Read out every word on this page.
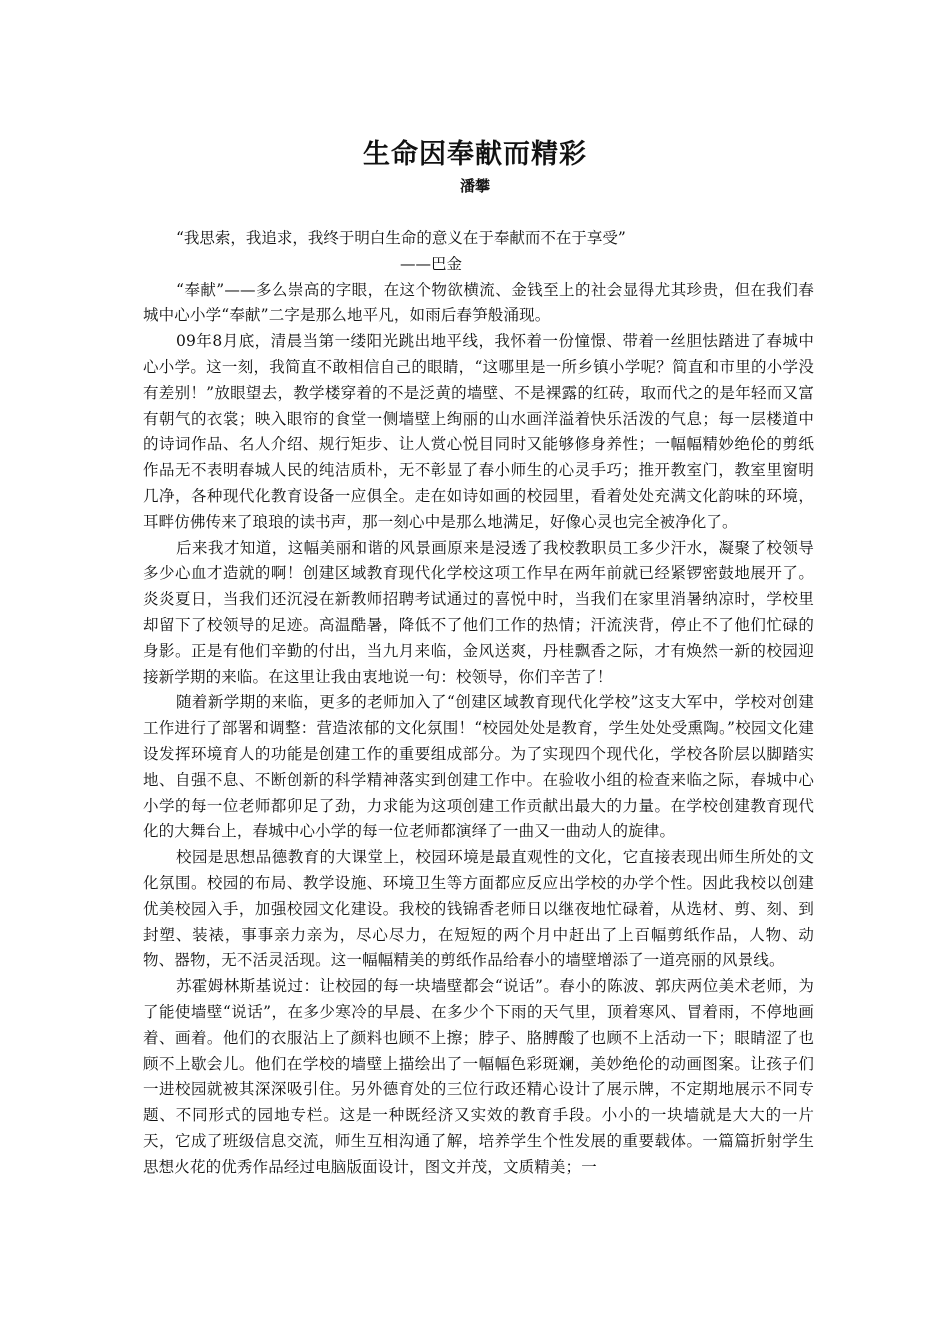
生命因奉献而精彩
潘攀
“我思索，我追求，我终于明白生命的意义在于奉献而不在于享受”
——巴金

“奉献”——多么崇高的字眼，在这个物欲横流、金钱至上的社会显得尤其珍贵，但在我们春城中心小学“奉献”二字是那么地平凡，如雨后春笋般涌现。

09年8月底，清晨当第一缕阳光跳出地平线，我怀着一份憧憬、带着一丝胆怯踏进了春城中心小学。这一刻，我简直不敢相信自己的眼睛，“这哪里是一所乡镇小学呢？简直和市里的小学没有差别！”放眼望去，教学楼穿着的不是泛黄的墙壁、不是裸露的红砖，取而代之的是年轻而又富有朝气的衣裳；映入眼帘的食堂一侧墙壁上绚丽的山水画洋溢着快乐活泼的气息；每一层楼道中的诗词作品、名人介绍、规行矩步、让人赏心悦目同时又能够修身养性；一幅幅精妙绝伦的剪纸作品无不表明春城人民的纯洁质朴，无不彰显了春小师生的心灵手巧；推开教室门，教室里窗明几净，各种现代化教育设备一应俱全。走在如诗如画的校园里，看着处处充满文化韵味的环境，耳畔仿佛传来了琅琅的读书声，那一刻心中是那么地满足，好像心灵也完全被净化了。

后来我才知道，这幅美丽和谐的风景画原来是浸透了我校教职员工多少汗水，凝聚了校领导多少心血才造就的啊！创建区域教育现代化学校这项工作早在两年前就已经紧锣密鼓地展开了。炎炎夏日，当我们还沉浸在新教师招聘考试通过的喜悦中时，当我们在家里消暑纳凉时，学校里却留下了校领导的足迹。高温酷暑，降低不了他们工作的热情；汗流浃背，停止不了他们忙碌的身影。正是有他们辛勤的付出，当九月来临，金风送爽，丹桂飘香之际，才有焕然一新的校园迎接新学期的来临。在这里让我由衷地说一句：校领导，你们辛苦了！

随着新学期的来临，更多的老师加入了“创建区域教育现代化学校”这支大军中，学校对创建工作进行了部署和调整：营造浓郁的文化氛围！“校园处处是教育，学生处处受熏陶。”校园文化建设发挥环境育人的功能是创建工作的重要组成部分。为了实现四个现代化，学校各阶层以脚踏实地、自强不息、不断创新的科学精神落实到创建工作中。在验收小组的检查来临之际，春城中心小学的每一位老师都卯足了劲，力求能为这项创建工作贡献出最大的力量。在学校创建教育现代化的大舞台上，春城中心小学的每一位老师都演绎了一曲又一曲动人的旋律。

校园是思想品德教育的大课堂上，校园环境是最直观性的文化，它直接表现出师生所处的文化氛围。校园的布局、教学设施、环境卫生等方面都应反应出学校的办学个性。因此我校以创建优美校园入手，加强校园文化建设。我校的钱锦香老师日以继夜地忙碌着，从选材、剪、刻、到封塑、装裱，事事亲力亲为，尽心尽力，在短短的两个月中赶出了上百幅剪纸作品，人物、动物、器物，无不活灵活现。这一幅幅精美的剪纸作品给春小的墙壁增添了一道亮丽的风景线。

苏霍姆林斯基说过：让校园的每一块墙壁都会“说话”。春小的陈波、郭庆两位美术老师，为了能使墙壁“说话”，在多少寒冷的早晨、在多少个下雨的天气里，顶着寒风、冒着雨，不停地画着、画着。他们的衣服沾上了颜料也顾不上擦；脖子、胳膊酸了也顾不上活动一下；眼睛涩了也顾不上歇会儿。他们在学校的墙壁上描绘出了一幅幅色彩斑斓，美妙绝伦的动画图案。让孩子们一进校园就被其深深吸引住。另外德育处的三位行政还精心设计了展示牌，不定期地展示不同专题、不同形式的园地专栏。这是一种既经济又实效的教育手段。小小的一块墙就是大大的一片天，它成了班级信息交流，师生互相沟通了解，培养学生个性发展的重要载体。一篇篇折射学生思想火花的优秀作品经过电脑版面设计，图文并茂，文质精美；一
